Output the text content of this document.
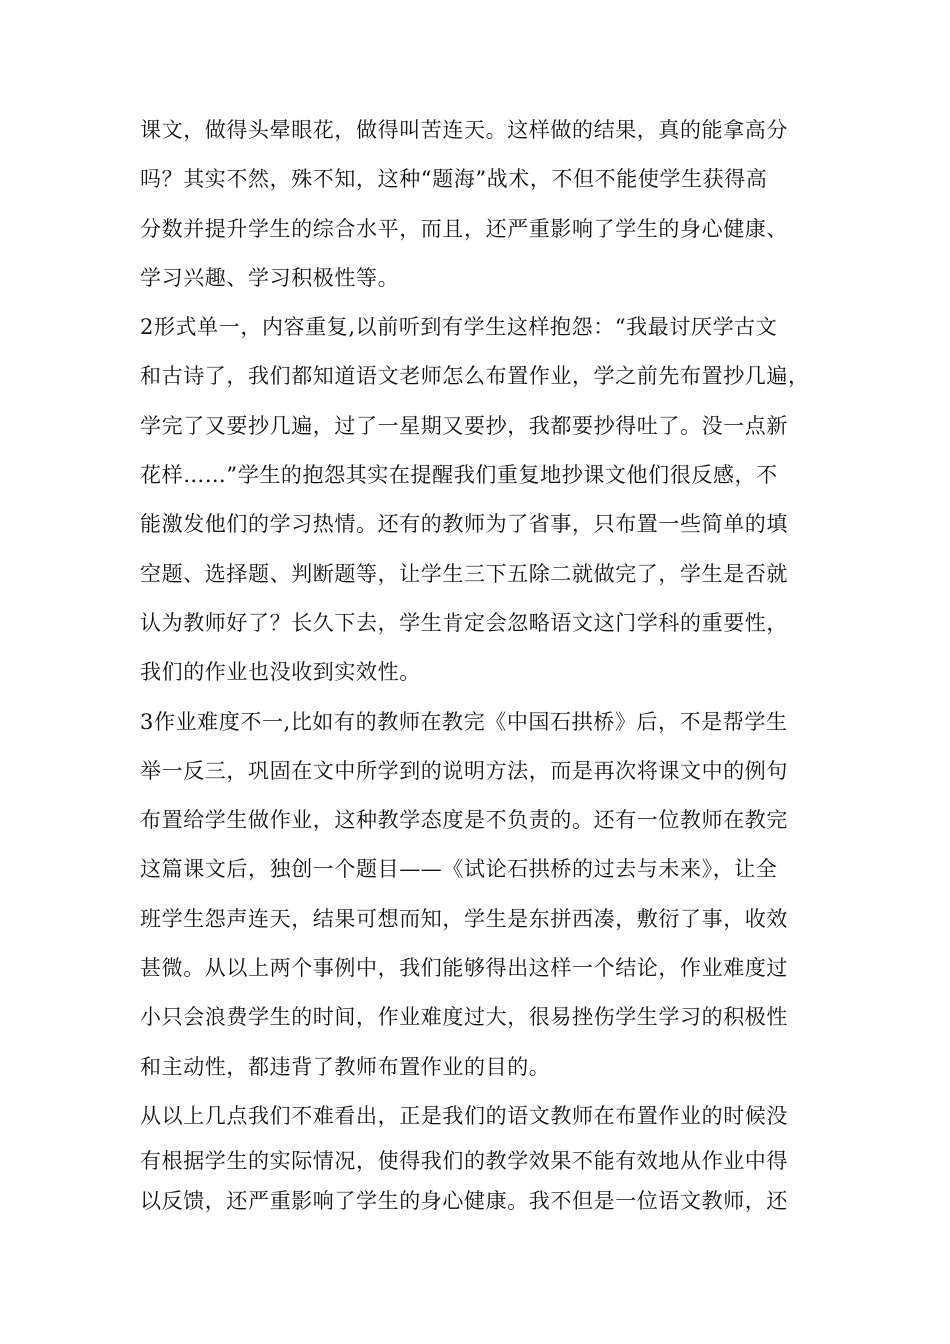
课文，做得头晕眼花，做得叫苦连天。这样做的结果，真的能拿高分
吗？其实不然，殊不知，这种“题海”战术，不但不能使学生获得高
分数并提升学生的综合水平，而且，还严重影响了学生的身心健康、
学习兴趣、学习积极性等。
2形式单一，内容重复,以前听到有学生这样抱怨：“我最讨厌学古文
和古诗了，我们都知道语文老师怎么布置作业，学之前先布置抄几遍，
学完了又要抄几遍，过了一星期又要抄，我都要抄得吐了。没一点新
花样……”学生的抱怨其实在提醒我们重复地抄课文他们很反感，不
能激发他们的学习热情。还有的教师为了省事，只布置一些简单的填
空题、选择题、判断题等，让学生三下五除二就做完了，学生是否就
认为教师好了？长久下去，学生肯定会忽略语文这门学科的重要性，
我们的作业也没收到实效性。
3作业难度不一,比如有的教师在教完《中国石拱桥》后，不是帮学生
举一反三，巩固在文中所学到的说明方法，而是再次将课文中的例句
布置给学生做作业，这种教学态度是不负责的。还有一位教师在教完
这篇课文后，独创一个题目——《试论石拱桥的过去与未来》，让全
班学生怨声连天，结果可想而知，学生是东拼西凑，敷衍了事，收效
甚微。从以上两个事例中，我们能够得出这样一个结论，作业难度过
小只会浪费学生的时间，作业难度过大，很易挫伤学生学习的积极性
和主动性，都违背了教师布置作业的目的。
从以上几点我们不难看出，正是我们的语文教师在布置作业的时候没
有根据学生的实际情况，使得我们的教学效果不能有效地从作业中得
以反馈，还严重影响了学生的身心健康。我不但是一位语文教师，还
